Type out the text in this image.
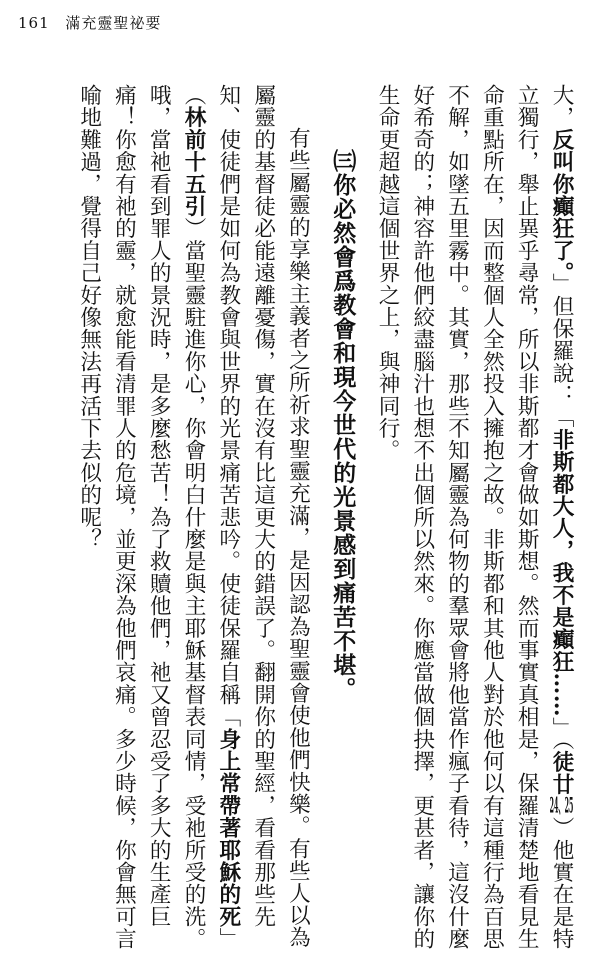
161 滿充靈聖祕要

大，反叫你癲狂了。」但保羅說：「非斯都大人，我不是癲狂……」（徒廿24、25）他實在是特立獨行，舉止異乎尋常，所以非斯都才會做如斯想。然而事實真相是，保羅清楚地看見生命重點所在，因而整個人全然投入擁抱之故。非斯都和其他人對於他何以有這種行為百思不解，如墜五里霧中。其實，那些不知屬靈為何物的羣眾會將他當作瘋子看待，這沒什麼好希奇的；神容許他們絞盡腦汁也想不出個所以然來。你應當做個抉擇，更甚者，讓你的生命更超越這個世界之上，與神同行。

㈢你必然會爲教會和現今世代的光景感到痛苦不堪。

有些屬靈的享樂主義者之所祈求聖靈充滿，是因認為聖靈會使他們快樂。有些人以為屬靈的基督徒必能遠離憂傷，實在沒有比這更大的錯誤了。翻開你的聖經，看看那些先知、使徒們是如何為教會與世界的光景痛苦悲吟。使徒保羅自稱「身上常帶著耶穌的死」（林前十五引）當聖靈駐進你心，你會明白什麼是與主耶穌基督表同情，受祂所受的洗。哦，當祂看到罪人的景況時，是多麼愁苦！為了救贖他們，祂又曾忍受了多大的生產巨痛！你愈有祂的靈，就愈能看清罪人的危境，並更深為他們哀痛。多少時候，你會無可言喻地難過，覺得自己好像無法再活下去似的呢？
